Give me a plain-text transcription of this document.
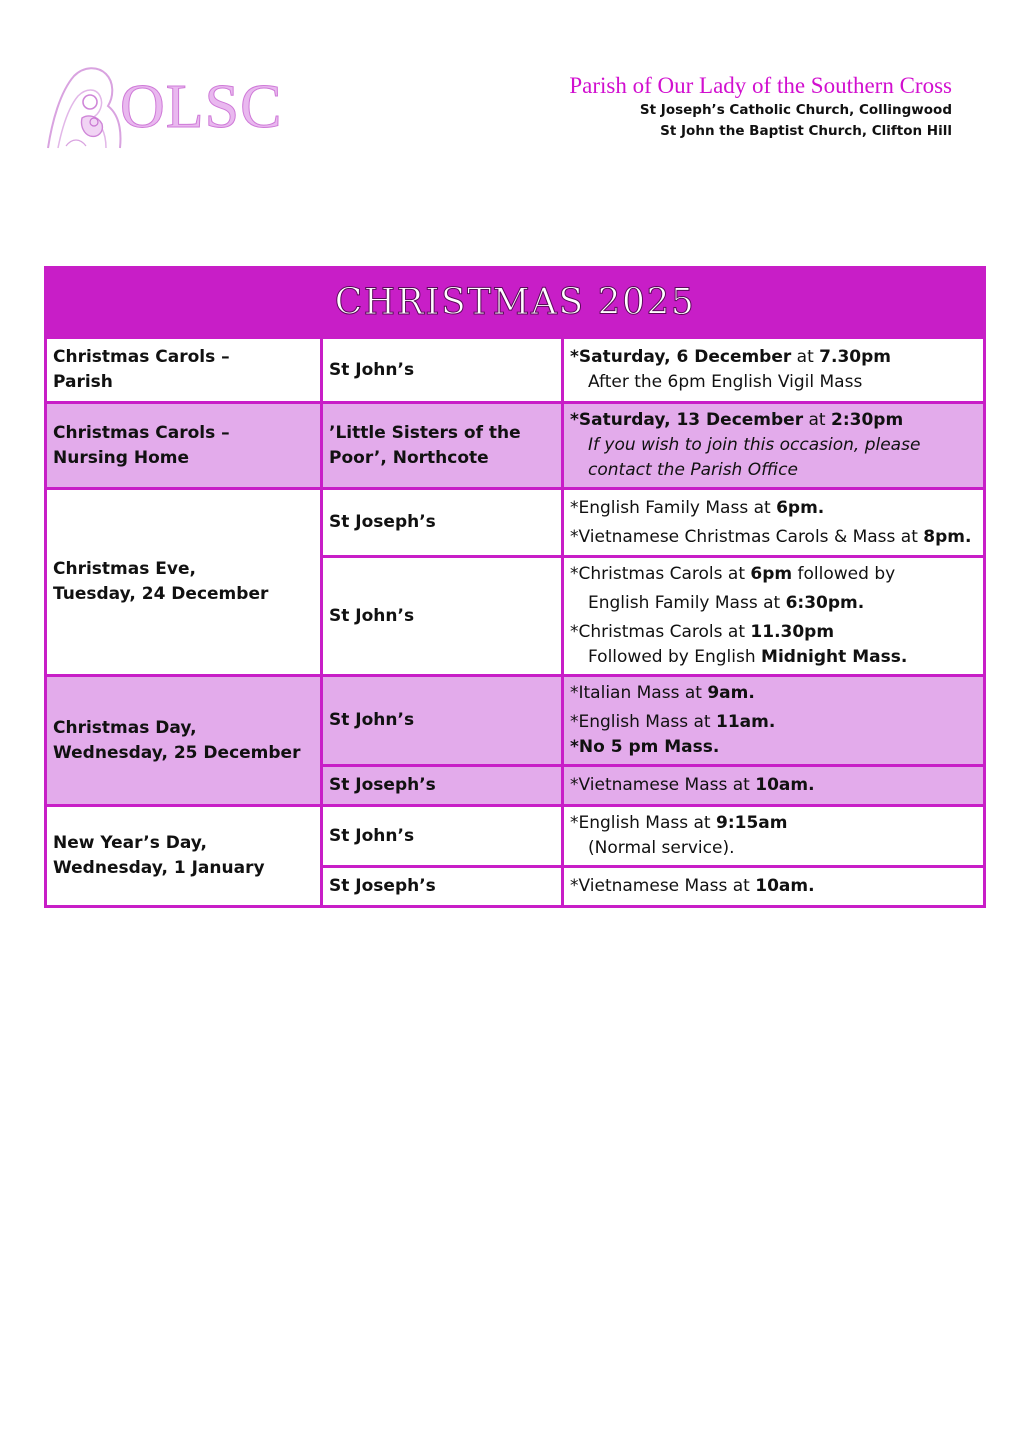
OLSC	Parish of Our Lady of the Southern Cross
St Joseph’s Catholic Church, Collingwood
St John the Baptist Church, Clifton Hill
CHRISTMAS 2025		

Christmas Carols –
Parish	St John’s	*Saturday, 6 December at 7.30pm
After the 6pm English Vigil Mass

Christmas Carols –
Nursing Home	’Little Sisters of the
Poor’, Northcote	*Saturday, 13 December at 2:30pm
If you wish to join this occasion, please
contact the Parish Office

Christmas Eve,
Tuesday, 24 December	St Joseph’s	*English Family Mass at 6pm.
*Vietnamese Christmas Carols & Mass at 8pm.

	St John’s	*Christmas Carols at 6pm followed by
English Family Mass at 6:30pm.
*Christmas Carols at 11.30pm
Followed by English Midnight Mass.

Christmas Day,
Wednesday, 25 December	St John’s	*Italian Mass at 9am.
*English Mass at 11am.
*No 5 pm Mass.

	St Joseph’s	*Vietnamese Mass at 10am.

New Year’s Day,
Wednesday, 1 January	St John’s	*English Mass at 9:15am
(Normal service).

	St Joseph’s	*Vietnamese Mass at 10am.
